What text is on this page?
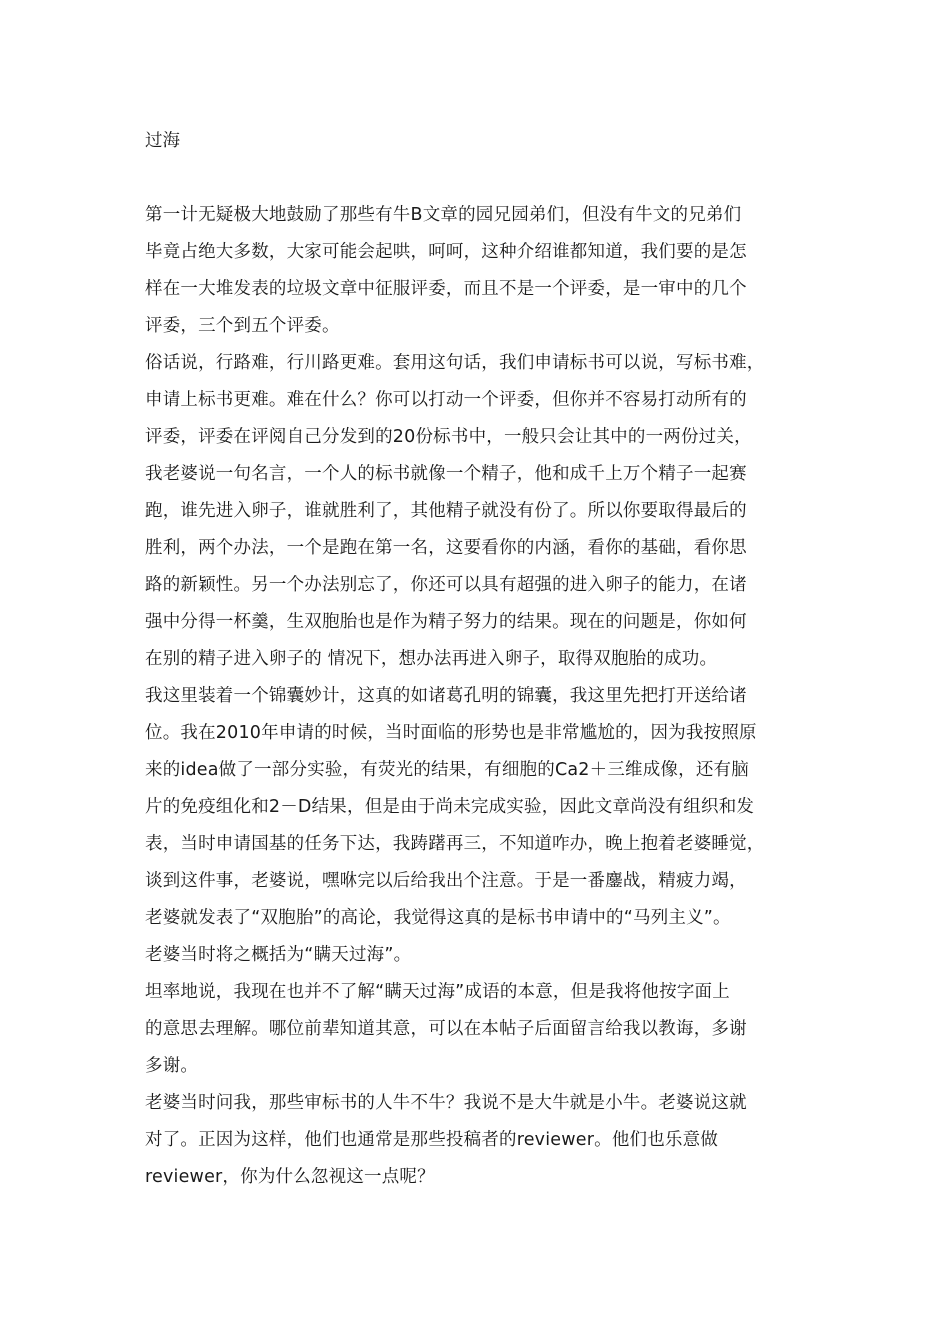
过海

第一计无疑极大地鼓励了那些有牛B文章的园兄园弟们，但没有牛文的兄弟们

毕竟占绝大多数，大家可能会起哄，呵呵，这种介绍谁都知道，我们要的是怎

样在一大堆发表的垃圾文章中征服评委，而且不是一个评委，是一审中的几个

评委，三个到五个评委。

俗话说，行路难，行川路更难。套用这句话，我们申请标书可以说，写标书难，

申请上标书更难。难在什么？你可以打动一个评委，但你并不容易打动所有的

评委，评委在评阅自己分发到的20份标书中，一般只会让其中的一两份过关，

我老婆说一句名言，一个人的标书就像一个精子，他和成千上万个精子一起赛

跑，谁先进入卵子，谁就胜利了，其他精子就没有份了。所以你要取得最后的

胜利，两个办法，一个是跑在第一名，这要看你的内涵，看你的基础，看你思

路的新颖性。另一个办法别忘了，你还可以具有超强的进入卵子的能力，在诸

强中分得一杯羹，生双胞胎也是作为精子努力的结果。现在的问题是，你如何

在别的精子进入卵子的 情况下，想办法再进入卵子，取得双胞胎的成功。

我这里装着一个锦囊妙计，这真的如诸葛孔明的锦囊，我这里先把打开送给诸

位。我在2010年申请的时候，当时面临的形势也是非常尴尬的，因为我按照原

来的idea做了一部分实验，有荧光的结果，有细胞的Ca2＋三维成像，还有脑

片的免疫组化和2－D结果，但是由于尚未完成实验，因此文章尚没有组织和发

表，当时申请国基的任务下达，我踌躇再三，不知道咋办，晚上抱着老婆睡觉，

谈到这件事，老婆说，嘿咻完以后给我出个注意。于是一番鏖战，精疲力竭，

老婆就发表了“双胞胎”的高论，我觉得这真的是标书申请中的“马列主义”。

老婆当时将之概括为“瞒天过海”。

坦率地说，我现在也并不了解“瞒天过海”成语的本意，但是我将他按字面上

的意思去理解。哪位前辈知道其意，可以在本帖子后面留言给我以教诲，多谢

多谢。

老婆当时问我，那些审标书的人牛不牛？我说不是大牛就是小牛。老婆说这就

对了。正因为这样，他们也通常是那些投稿者的reviewer。他们也乐意做

reviewer，你为什么忽视这一点呢？
